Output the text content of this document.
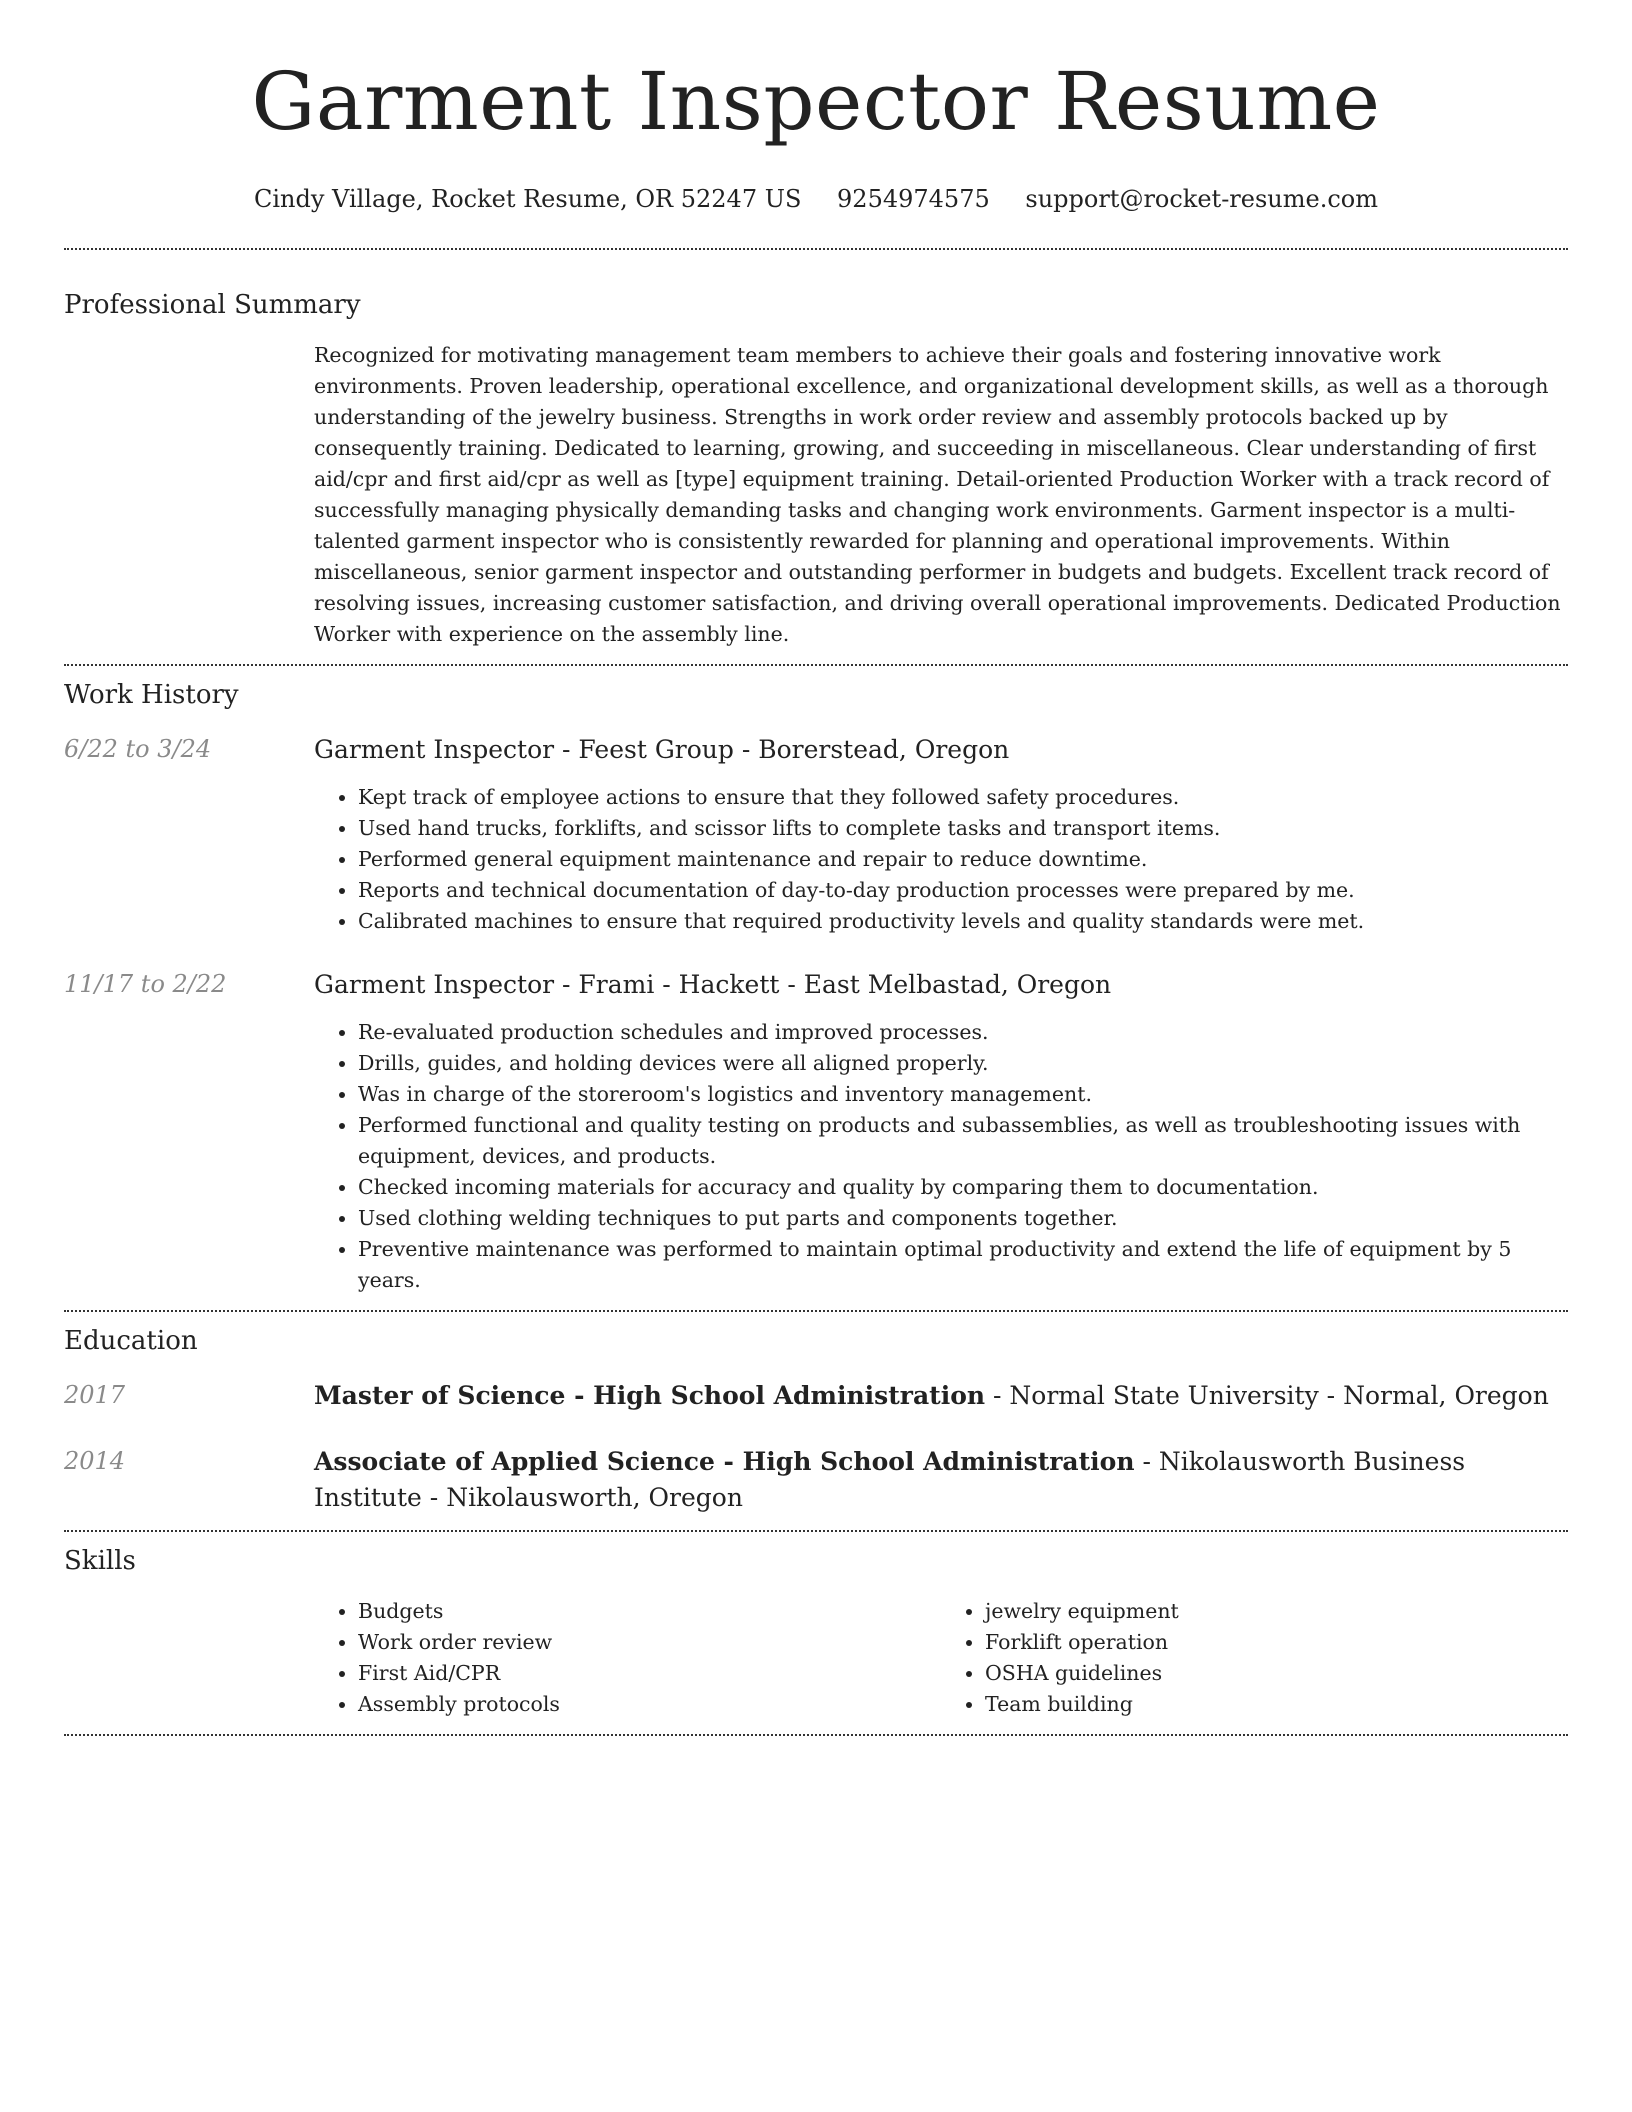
Garment Inspector Resume
Cindy Village, Rocket Resume, OR 52247 US 9254974575 support@rocket-resume.com
Professional Summary

Recognized for motivating management team members to achieve their goals and fostering innovative work environments. Proven leadership, operational excellence, and organizational development skills, as well as a thorough understanding of the jewelry business. Strengths in work order review and assembly protocols backed up by consequently training. Dedicated to learning, growing, and succeeding in miscellaneous. Clear understanding of first aid/cpr and first aid/cpr as well as [type] equipment training. Detail-oriented Production Worker with a track record of successfully managing physically demanding tasks and changing work environments. Garment inspector is a multi-talented garment inspector who is consistently rewarded for planning and operational improvements. Within miscellaneous, senior garment inspector and outstanding performer in budgets and budgets. Excellent track record of resolving issues, increasing customer satisfaction, and driving overall operational improvements. Dedicated Production Worker with experience on the assembly line.

Work History
6/22 to 3/24	Garment Inspector - Feest Group - Borerstead, Oregon
• Kept track of employee actions to ensure that they followed safety procedures.
• Used hand trucks, forklifts, and scissor lifts to complete tasks and transport items.
• Performed general equipment maintenance and repair to reduce downtime.
• Reports and technical documentation of day-to-day production processes were prepared by me.
• Calibrated machines to ensure that required productivity levels and quality standards were met.
11/17 to 2/22	Garment Inspector - Frami - Hackett - East Melbastad, Oregon
• Re-evaluated production schedules and improved processes.
• Drills, guides, and holding devices were all aligned properly.
• Was in charge of the storeroom's logistics and inventory management.
• Performed functional and quality testing on products and subassemblies, as well as troubleshooting issues with equipment, devices, and products.
• Checked incoming materials for accuracy and quality by comparing them to documentation.
• Used clothing welding techniques to put parts and components together.
• Preventive maintenance was performed to maintain optimal productivity and extend the life of equipment by 5 years.
Education
2017	Master of Science - High School Administration - Normal State University - Normal, Oregon
2014	Associate of Applied Science - High School Administration - Nikolausworth Business Institute - Nikolausworth, Oregon
Skills
• Budgets
• Work order review
• First Aid/CPR
• Assembly protocols
• jewelry equipment
• Forklift operation
• OSHA guidelines
• Team building
